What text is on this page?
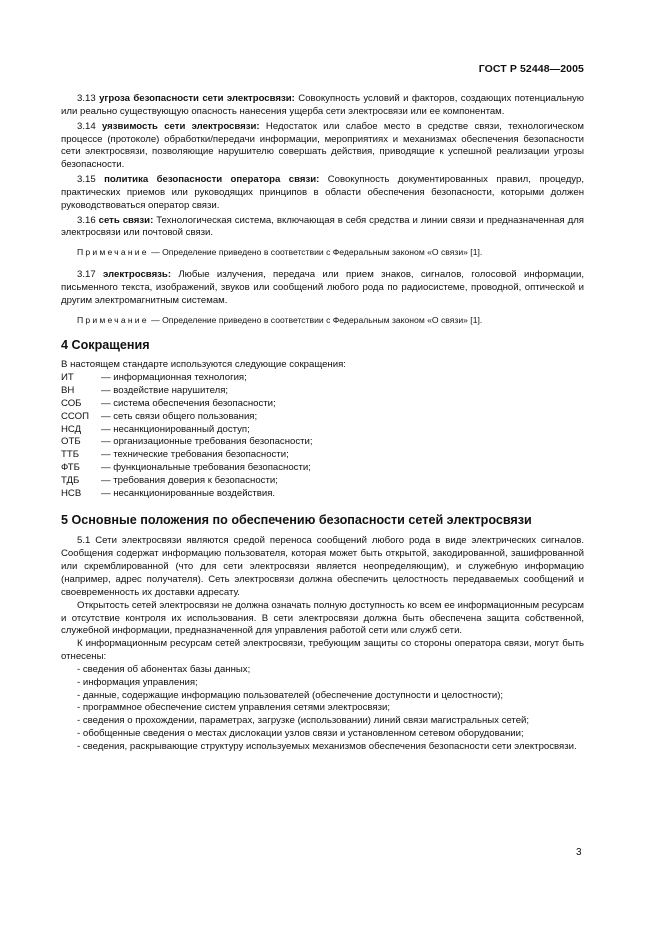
ГОСТ Р 52448—2005

3.13 угроза безопасности сети электросвязи: Совокупность условий и факторов, создающих потенциальную или реально существующую опасность нанесения ущерба сети электросвязи или ее компонентам.

3.14 уязвимость сети электросвязи: Недостаток или слабое место в средстве связи, технологическом процессе (протоколе) обработки/передачи информации, мероприятиях и механизмах обеспечения безопасности сети электросвязи, позволяющие нарушителю совершать действия, приводящие к успешной реализации угрозы безопасности.

3.15 политика безопасности оператора связи: Совокупность документированных правил, процедур, практических приемов или руководящих принципов в области обеспечения безопасности, которыми должен руководствоваться оператор связи.

3.16 сеть связи: Технологическая система, включающая в себя средства и линии связи и предназначенная для электросвязи или почтовой связи.

Примечание — Определение приведено в соответствии с Федеральным законом «О связи» [1].

3.17 электросвязь: Любые излучения, передача или прием знаков, сигналов, голосовой информации, письменного текста, изображений, звуков или сообщений любого рода по радиосистеме, проводной, оптической и другим электромагнитным системам.

Примечание — Определение приведено в соответствии с Федеральным законом «О связи» [1].

4 Сокращения

В настоящем стандарте используются следующие сокращения:

ИТ	— информационная технология;
ВН	— воздействие нарушителя;
СОБ	— система обеспечения безопасности;
ССОП	— сеть связи общего пользования;
НСД	— несанкционированный доступ;
ОТБ	— организационные требования безопасности;
ТТБ	— технические требования безопасности;
ФТБ	— функциональные требования безопасности;
ТДБ	— требования доверия к безопасности;
НСВ	— несанкционированные воздействия.
5 Основные положения по обеспечению безопасности сетей электросвязи

5.1 Сети электросвязи являются средой переноса сообщений любого рода в виде электрических сигналов. Сообщения содержат информацию пользователя, которая может быть открытой, закодированной, зашифрованной или скремблированной (что для сети электросвязи является неопределяющим), и служебную информацию (например, адрес получателя). Сеть электросвязи должна обеспечить целостность передаваемых сообщений и своевременность их доставки адресату.

Открытость сетей электросвязи не должна означать полную доступность ко всем ее информационным ресурсам и отсутствие контроля их использования. В сети электросвязи должна быть обеспечена защита собственной, служебной информации, предназначенной для управления работой сети или служб сети.

К информационным ресурсам сетей электросвязи, требующим защиты со стороны оператора связи, могут быть отнесены:

- сведения об абонентах базы данных;

- информация управления;

- данные, содержащие информацию пользователей (обеспечение доступности и целостности);

- программное обеспечение систем управления сетями электросвязи;

- сведения о прохождении, параметрах, загрузке (использовании) линий связи магистральных сетей;

- обобщенные сведения о местах дислокации узлов связи и установленном сетевом оборудовании;

- сведения, раскрывающие структуру используемых механизмов обеспечения безопасности сети электросвязи.

3
